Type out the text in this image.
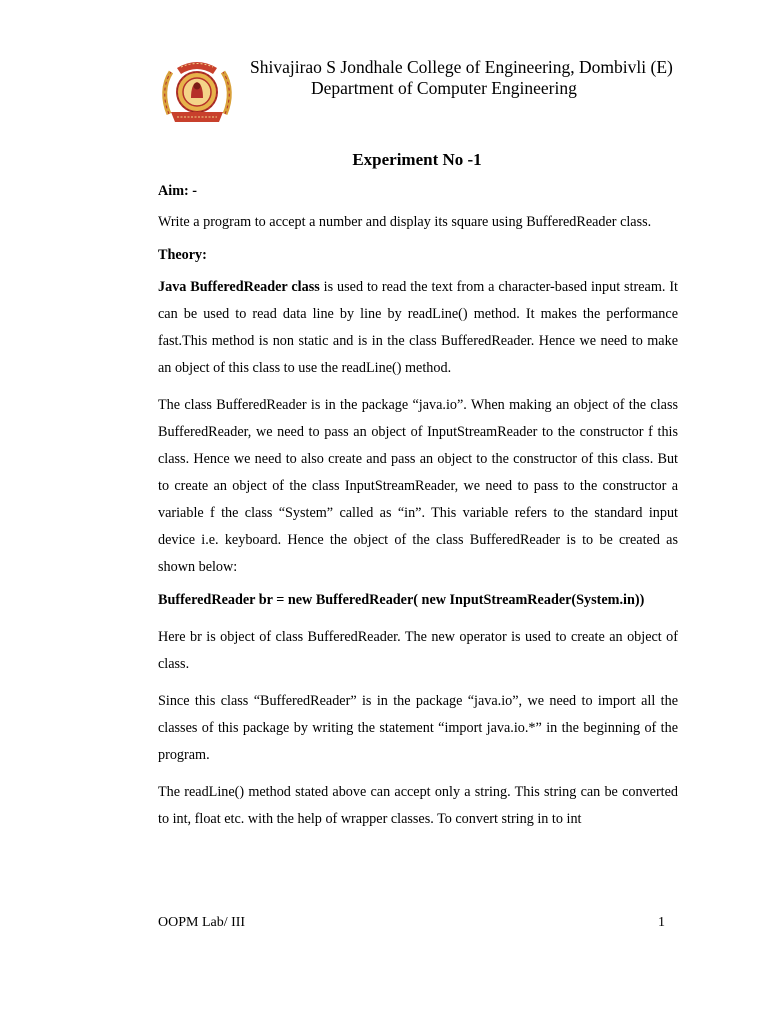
Shivajirao S Jondhale College of Engineering, Dombivli (E)
Department of Computer Engineering
Experiment No -1

Aim: -

Write a program to accept a number and display its square using BufferedReader class.

Theory:

Java BufferedReader class is used to read the text from a character-based input stream. It can be used to read data line by line by readLine() method. It makes the performance fast.This method is non static and is in the class BufferedReader. Hence we need to make an object of this class to use the readLine() method.

The class BufferedReader is in the package “java.io”. When making an object of the class BufferedReader, we need to pass an object of InputStreamReader to the constructor f this class. Hence we need to also create and pass an object to the constructor of this class. But to create an object of the class InputStreamReader, we need to pass to the constructor a variable f the class “System” called as “in”. This variable refers to the standard input device i.e. keyboard. Hence the object of the class BufferedReader is to be created as shown below:

BufferedReader br = new BufferedReader( new InputStreamReader(System.in))

Here br is object of class BufferedReader. The new operator is used to create an object of class.

Since this class “BufferedReader” is in the package “java.io”, we need to import all the classes of this package by writing the statement “import java.io.*” in the beginning of the program.

The readLine() method stated above can accept only a string. This string can be converted to int, float etc. with the help of wrapper classes. To convert string in to int

OOPM Lab/ III	1
